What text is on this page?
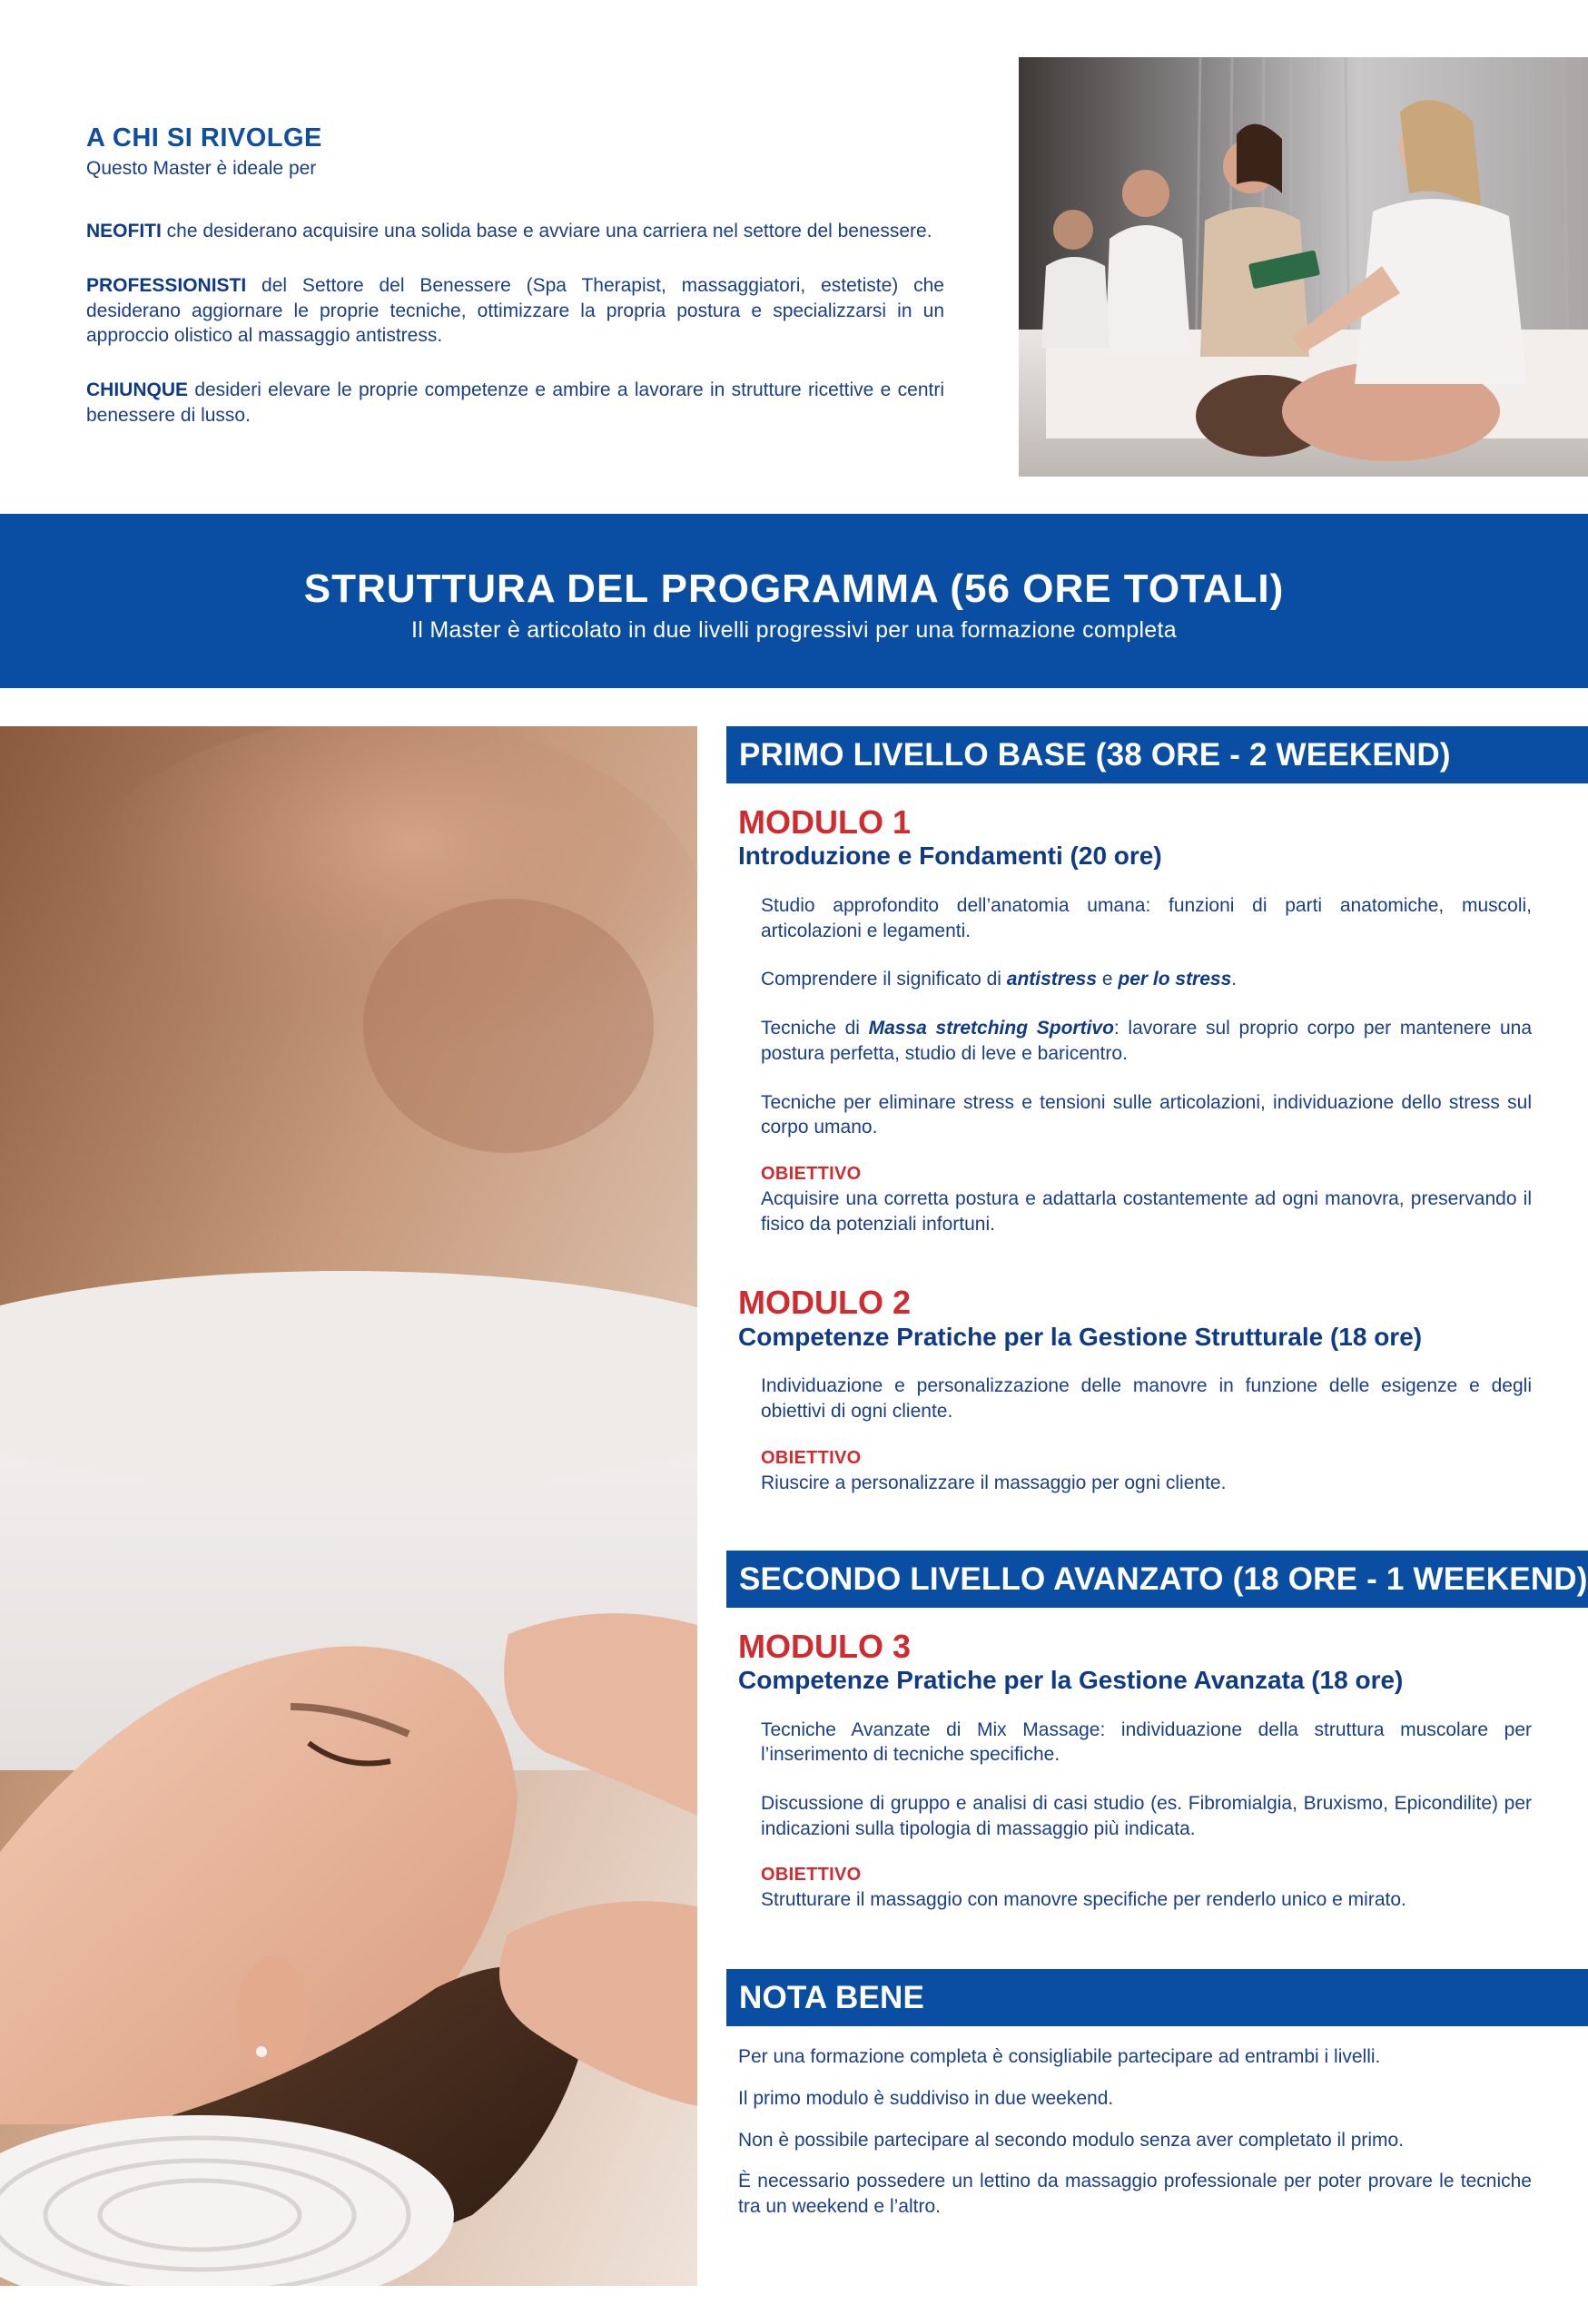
A CHI SI RIVOLGE
Questo Master è ideale per

NEOFITI che desiderano acquisire una solida base e avviare una carriera nel settore del benessere.

PROFESSIONISTI del Settore del Benessere (Spa Therapist, massaggiatori, estetiste) che desiderano aggiornare le proprie tecniche, ottimizzare la propria postura e specializzarsi in un approccio olistico al massaggio antistress.

CHIUNQUE desideri elevare le proprie competenze e ambire a lavorare in strutture ricettive e centri benessere di lusso.

STRUTTURA DEL PROGRAMMA (56 ORE TOTALI)
Il Master è articolato in due livelli progressivi per una formazione completa
PRIMO LIVELLO BASE (38 ORE - 2 WEEKEND)
MODULO 1
Introduzione e Fondamenti (20 ore)

Studio approfondito dell’anatomia umana: funzioni di parti anatomiche, muscoli, articolazioni e legamenti.

Comprendere il significato di antistress e per lo stress.

Tecniche di Massa stretching Sportivo: lavorare sul proprio corpo per mantenere una postura perfetta, studio di leve e baricentro.

Tecniche per eliminare stress e tensioni sulle articolazioni, individuazione dello stress sul corpo umano.

OBIETTIVO

Acquisire una corretta postura e adattarla costantemente ad ogni manovra, preservando il fisico da potenziali infortuni.

MODULO 2
Competenze Pratiche per la Gestione Strutturale (18 ore)

Individuazione e personalizzazione delle manovre in funzione delle esigenze e degli obiettivi di ogni cliente.

OBIETTIVO

Riuscire a personalizzare il massaggio per ogni cliente.

SECONDO LIVELLO AVANZATO (18 ORE - 1 WEEKEND)
MODULO 3
Competenze Pratiche per la Gestione Avanzata (18 ore)

Tecniche Avanzate di Mix Massage: individuazione della struttura muscolare per l’inserimento di tecniche specifiche.

Discussione di gruppo e analisi di casi studio (es. Fibromialgia, Bruxismo, Epicondilite) per indicazioni sulla tipologia di massaggio più indicata.

OBIETTIVO

Strutturare il massaggio con manovre specifiche per renderlo unico e mirato.

NOTA BENE

Per una formazione completa è consigliabile partecipare ad entrambi i livelli.

Il primo modulo è suddiviso in due weekend.

Non è possibile partecipare al secondo modulo senza aver completato il primo.

È necessario possedere un lettino da massaggio professionale per poter provare le tecniche tra un weekend e l’altro.
